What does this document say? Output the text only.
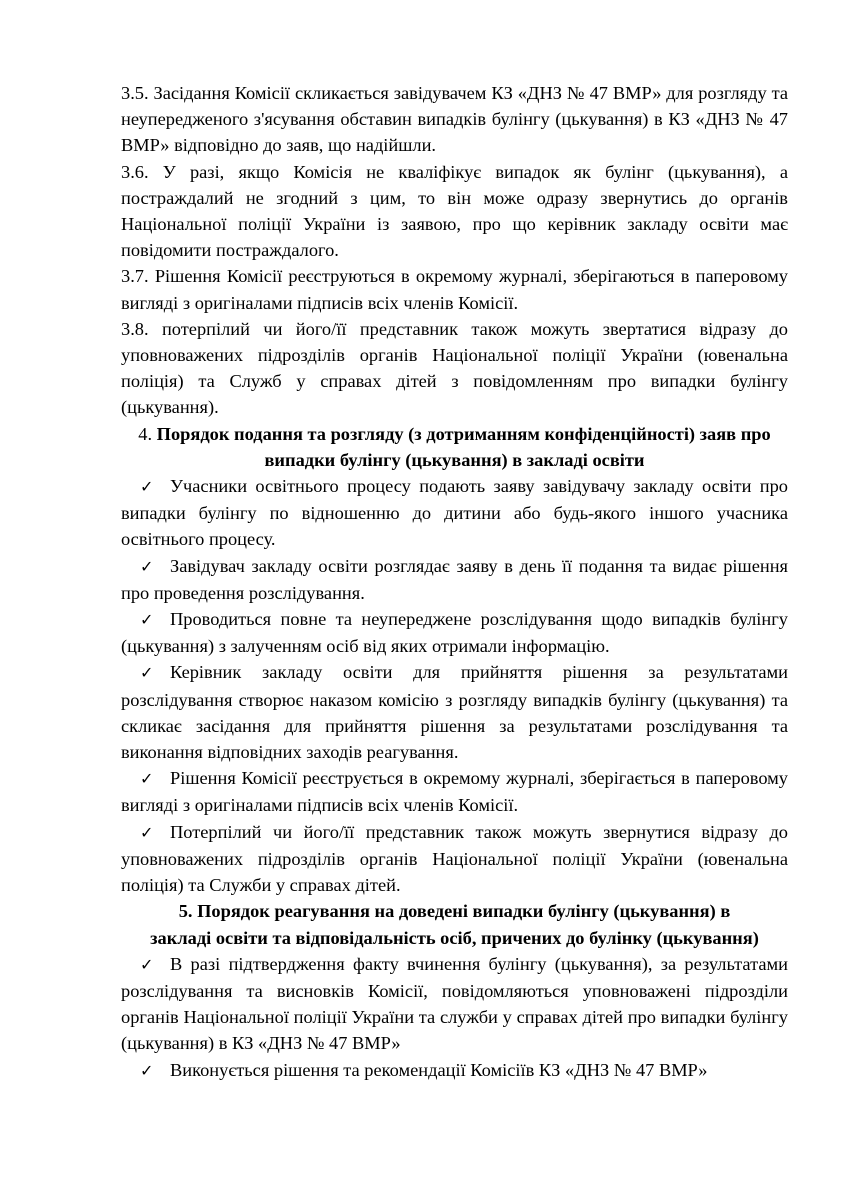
3.5. Засідання Комісії скликається завідувачем КЗ «ДНЗ № 47 ВМР» для розгляду та неупередженого з'ясування обставин випадків булінгу (цькування) в КЗ «ДНЗ № 47 ВМР» відповідно до заяв, що надійшли.

3.6. У разі, якщо Комісія не кваліфікує випадок як булінг (цькування), а постраждалий не згодний з цим, то він може одразу звернутись до органів Національної поліції України із заявою, про що керівник закладу освіти має повідомити постраждалого.

3.7. Рішення Комісії реєструються в окремому журналі, зберігаються в паперовому вигляді з оригіналами підписів всіх членів Комісії.

3.8. потерпілий чи його/її представник також можуть звертатися відразу до уповноважених підрозділів органів Національної поліції України (ювенальна поліція) та Служб у справах дітей з повідомленням про випадки булінгу (цькування).

4. Порядок подання та розгляду (з дотриманням конфіденційності) заяв про випадки булінгу (цькування) в закладі освіти

✓ Учасники освітнього процесу подають заяву завідувачу закладу освіти про випадки булінгу по відношенню до дитини або будь-якого іншого учасника освітнього процесу.

✓ Завідувач закладу освіти розглядає заяву в день її подання та видає рішення про проведення розслідування.

✓ Проводиться повне та неупереджене розслідування щодо випадків булінгу (цькування) з залученням осіб від яких отримали інформацію.

✓ Керівник закладу освіти для прийняття рішення за результатами розслідування створює наказом комісію з розгляду випадків булінгу (цькування) та скликає засідання для прийняття рішення за результатами розслідування та виконання відповідних заходів реагування.

✓ Рішення Комісії реєструється в окремому журналі, зберігається в паперовому вигляді з оригіналами підписів всіх членів Комісії.

✓ Потерпілий чи його/її представник також можуть звернутися відразу до уповноважених підрозділів органів Національної поліції України (ювенальна поліція) та Служби у справах дітей.

5. Порядок реагування на доведені випадки булінгу (цькування) в
закладі освіти та відповідальність осіб, причених до булінку (цькування)

✓ В разі підтвердження факту вчинення булінгу (цькування), за результатами розслідування та висновків Комісії, повідомляються уповноважені підрозділи органів Національної поліції України та служби у справах дітей про випадки булінгу (цькування) в КЗ «ДНЗ № 47 ВМР»

✓ Виконується рішення та рекомендації Комісіїв КЗ «ДНЗ № 47 ВМР»
